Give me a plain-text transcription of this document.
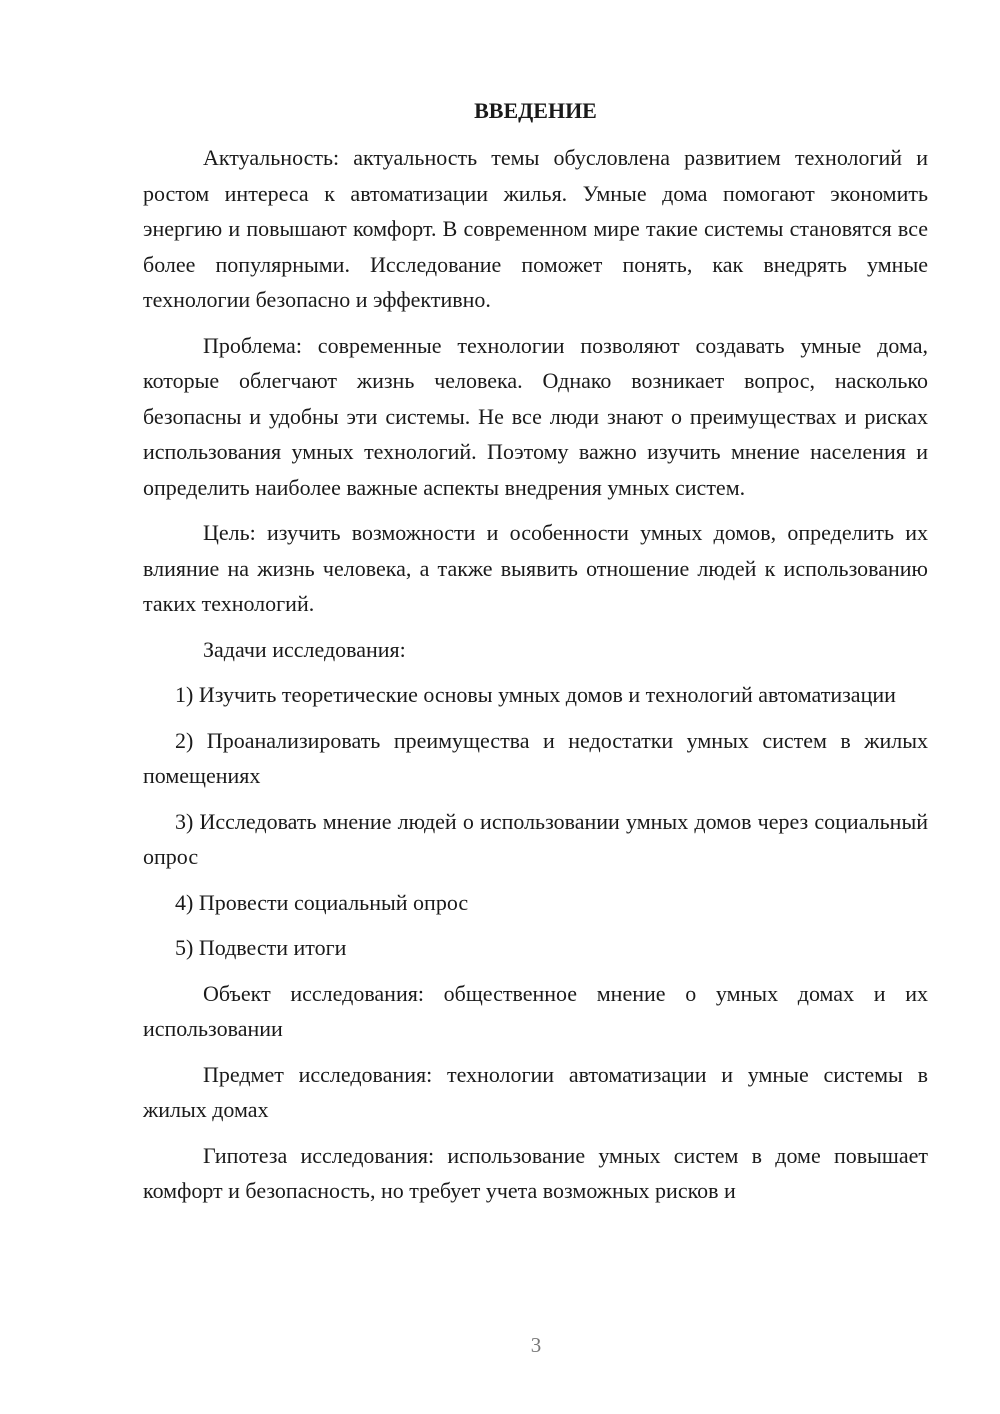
ВВЕДЕНИЕ

Актуальность: актуальность темы обусловлена развитием технологий и ростом интереса к автоматизации жилья. Умные дома помогают экономить энергию и повышают комфорт. В современном мире такие системы становятся все более популярными. Исследование поможет понять, как внедрять умные технологии безопасно и эффективно.

Проблема: современные технологии позволяют создавать умные дома, которые облегчают жизнь человека. Однако возникает вопрос, насколько безопасны и удобны эти системы. Не все люди знают о преимуществах и рисках использования умных технологий. Поэтому важно изучить мнение населения и определить наиболее важные аспекты внедрения умных систем.

Цель: изучить возможности и особенности умных домов, определить их влияние на жизнь человека, а также выявить отношение людей к использованию таких технологий.

Задачи исследования:

1) Изучить теоретические основы умных домов и технологий автоматизации

2) Проанализировать преимущества и недостатки умных систем в жилых помещениях

3) Исследовать мнение людей о использовании умных домов через социальный опрос

4) Провести социальный опрос

5) Подвести итоги

Объект исследования: общественное мнение о умных домах и их использовании

Предмет исследования: технологии автоматизации и умные системы в жилых домах

Гипотеза исследования: использование умных систем в доме повышает комфорт и безопасность, но требует учета возможных рисков и

3
